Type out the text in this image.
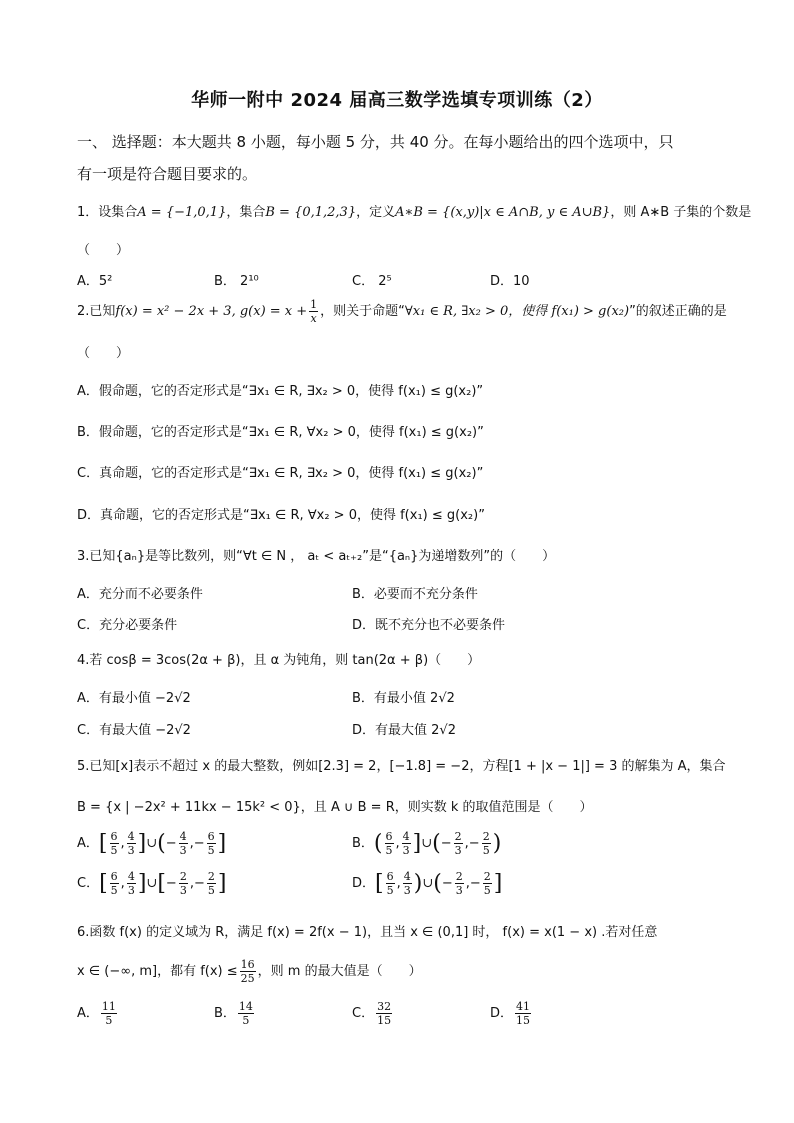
华师一附中 2024 届高三数学选填专项训练（2）
一、 选择题：本大题共 8 小题，每小题 5 分，共 40 分。在每小题给出的四个选项中，只
有一项是符合题目要求的。
1．设集合A = {−1,0,1}，集合B = {0,1,2,3}，定义A∗B = {(x,y)|x ∈ A∩B, y ∈ A∪B}，则 A∗B 子集的个数是
（　　）
A．5²	B． 2¹⁰	C． 2⁵	D．10
2.已知f(x) = x² − 2x + 3, $g(x) = x + \frac{1}{x}$ ，则关于命题“∀x₁ ∈ R, ∃x₂ > 0，使得 f(x₁) > g(x₂)”的叙述正确的是
（　　）
A．假命题，它的否定形式是“∃x₁ ∈ R, ∃x₂ > 0，使得 f(x₁) ≤ g(x₂)”
B．假命题，它的否定形式是“∃x₁ ∈ R, ∀x₂ > 0，使得 f(x₁) ≤ g(x₂)”
C．真命题，它的否定形式是“∃x₁ ∈ R, ∃x₂ > 0，使得 f(x₁) ≤ g(x₂)”
D．真命题，它的否定形式是“∃x₁ ∈ R, ∀x₂ > 0，使得 f(x₁) ≤ g(x₂)”
3.已知{aₙ}是等比数列，则“∀t ∈ N ， aₜ < aₜ₊₂”是“{aₙ}为递增数列”的（　　）
A．充分而不必要条件	B．必要而不充分条件
C．充分必要条件	D．既不充分也不必要条件
4.若 cosβ = 3cos(2α + β)，且 α 为钝角，则 tan(2α + β)（　　）
A．有最小值 −2√2	B．有最小值 2√2
C．有最大值 −2√2	D．有最大值 2√2
5.已知[x]表示不超过 x 的最大整数，例如[2.3] = 2，[−1.8] = −2，方程[1 + |x − 1|] = 3 的解集为 A，集合
B = {x | −2x² + 11kx − 15k² < 0}，且 A ∪ B = R，则实数 k 的取值范围是（　　）
A．[ $\frac{6}{5}$ , $\frac{4}{3}$ ]∪(− $\frac{4}{3}$ ,− $\frac{6}{5}$ ]	B．( $\frac{6}{5}$ , $\frac{4}{3}$ ]∪(− $\frac{2}{3}$ ,− $\frac{2}{5}$ )
C．[ $\frac{6}{5}$ , $\frac{4}{3}$ ]∪[− $\frac{2}{3}$ ,− $\frac{2}{5}$ ]	D．[ $\frac{6}{5}$ , $\frac{4}{3}$ )∪(− $\frac{2}{3}$ ,− $\frac{2}{5}$ ]
6.函数 f(x) 的定义域为 R，满足 f(x) = 2f(x − 1)，且当 x ∈ (0,1] 时， f(x) = x(1 − x) .若对任意
x ∈ (−∞, m]，都有 $f(x) \le \frac{16}{25}$ ，则 m 的最大值是（　　）
A． $\frac{11}{5}$	B． $\frac{14}{5}$	C． $\frac{32}{15}$	D． $\frac{41}{15}$
